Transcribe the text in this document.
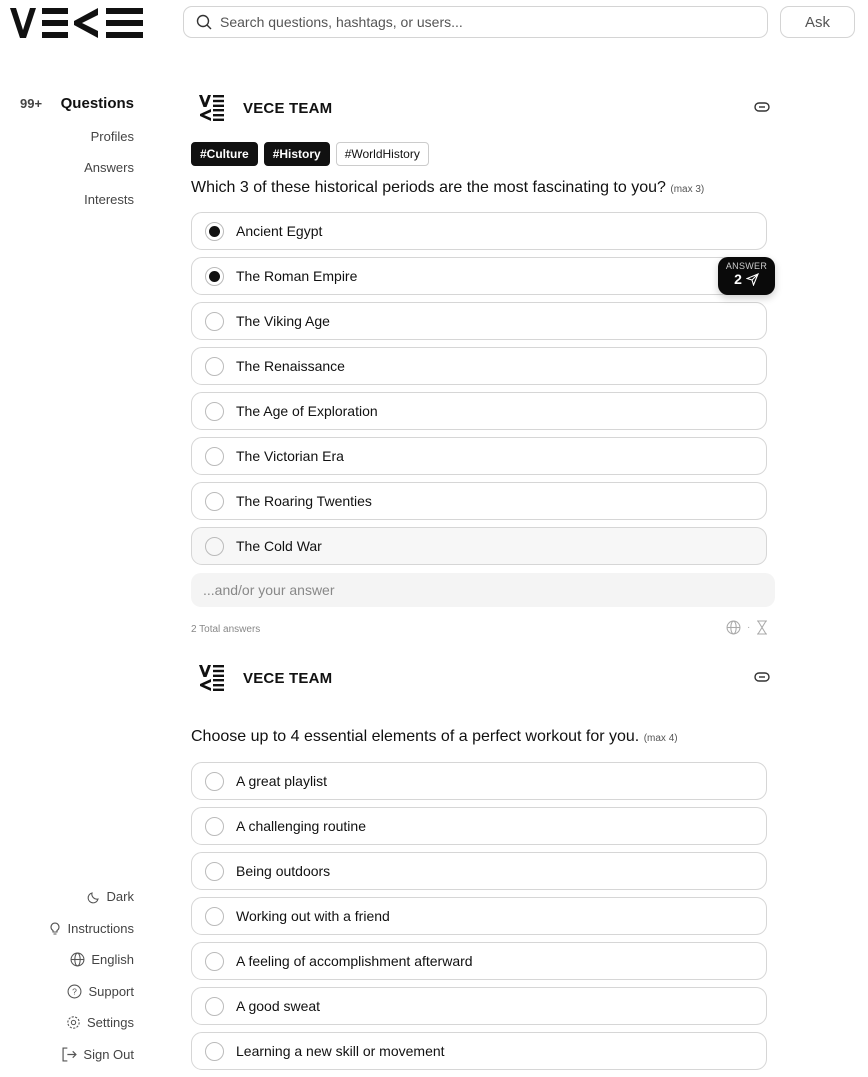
Search questions, hashtags, or users...
Ask
99+ Questions
Profiles
Answers
Interests
Dark
Instructions
English
? Support
Settings
Sign Out
VECE TEAM
#Culture	#History	#WorldHistory
Which 3 of these historical periods are the most fascinating to you? (max 3)
Ancient Egypt
The Roman Empire
The Viking Age
The Renaissance
The Age of Exploration
The Victorian Era
The Roaring Twenties
The Cold War
ANSWER
2
...and/or your answer
2 Total answers	·
VECE TEAM
Choose up to 4 essential elements of a perfect workout for you. (max 4)
A great playlist
A challenging routine
Being outdoors
Working out with a friend
A feeling of accomplishment afterward
A good sweat
Learning a new skill or movement
